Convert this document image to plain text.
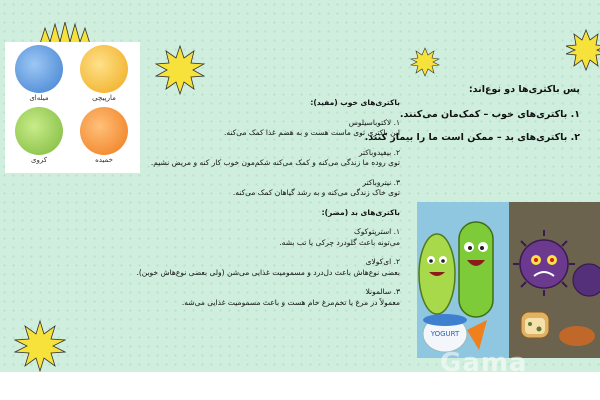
میله‌ای	مارپیچی
کروی	خمیده

پس باکتری‌ها دو نوع‌اند:

۱. باکتری‌های خوب – کمک‌مان می‌کنند.

۲. باکتری‌های بد – ممکن است ما را بیمار کنند.

باکتری‌های خوب (مفید):

۱. لاکتوباسیلوس

این باکتری توی ماست هست و به هضم غذا کمک می‌کنه.

۲. بیفیدوباکتر

توی روده ما زندگی می‌کنه و کمک می‌کنه شکم‌مون خوب کار کنه و مریض نشیم.

۳. نیتروباکتر

توی خاک زندگی می‌کنه و به رشد گیاهان کمک می‌کنه.

باکتری‌های بد (مضر):

۱. استرپتوکوک

می‌تونه باعث گلودرد چرکی یا تب بشه.

۲. ای‌کولای

بعضی نوع‌هاش باعث دل‌درد و مسمومیت غذایی می‌شن (ولی بعضی نوع‌هاش خوبن).

۳. سالمونلا

معمولاً در مرغ یا تخم‌مرغ خام هست و باعث مسمومیت غذایی می‌شه.

YOGURT
Gama
